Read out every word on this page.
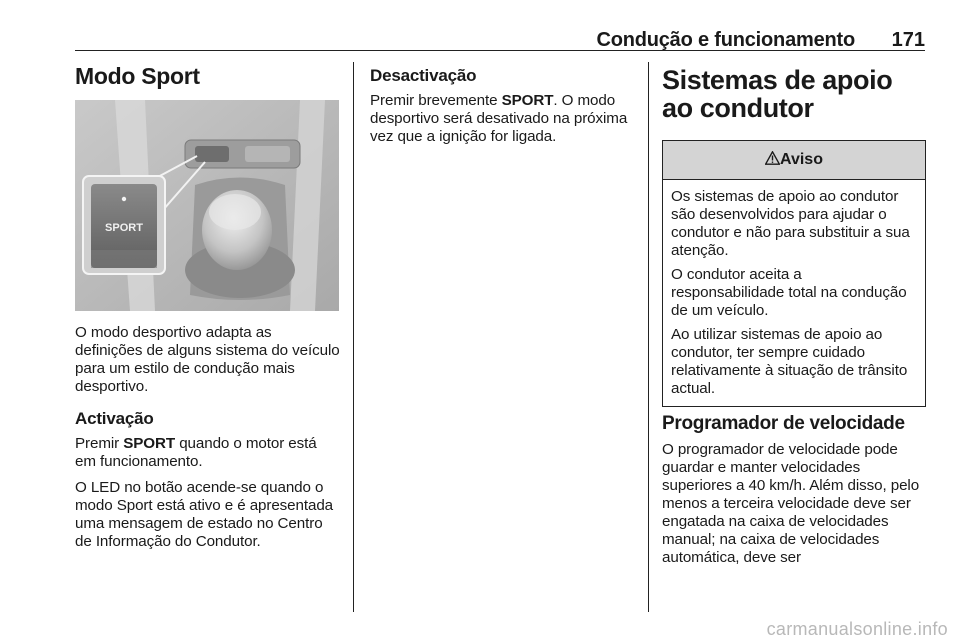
Condução e funcionamento 171
Modo Sport
SPORT

O modo desportivo adapta as definições de alguns sistema do veículo para um estilo de condução mais desportivo.

Activação

Premir SPORT quando o motor está em funcionamento.

O LED no botão acende-se quando o modo Sport está ativo e é apresentada uma mensagem de estado no Centro de Informação do Condutor.

Desactivação

Premir brevemente SPORT. O modo desportivo será desativado na próxima vez que a ignição for ligada.

Sistemas de apoio ao condutor
Aviso

Os sistemas de apoio ao condutor são desenvolvidos para ajudar o condutor e não para substituir a sua atenção.

O condutor aceita a responsabilidade total na condução de um veículo.

Ao utilizar sistemas de apoio ao condutor, ter sempre cuidado relativamente à situação de trânsito actual.

Programador de velocidade

O programador de velocidade pode guardar e manter velocidades superiores a 40 km/h. Além disso, pelo menos a terceira velocidade deve ser engatada na caixa de velocidades manual; na caixa de velocidades automática, deve ser

carmanualsonline.info
